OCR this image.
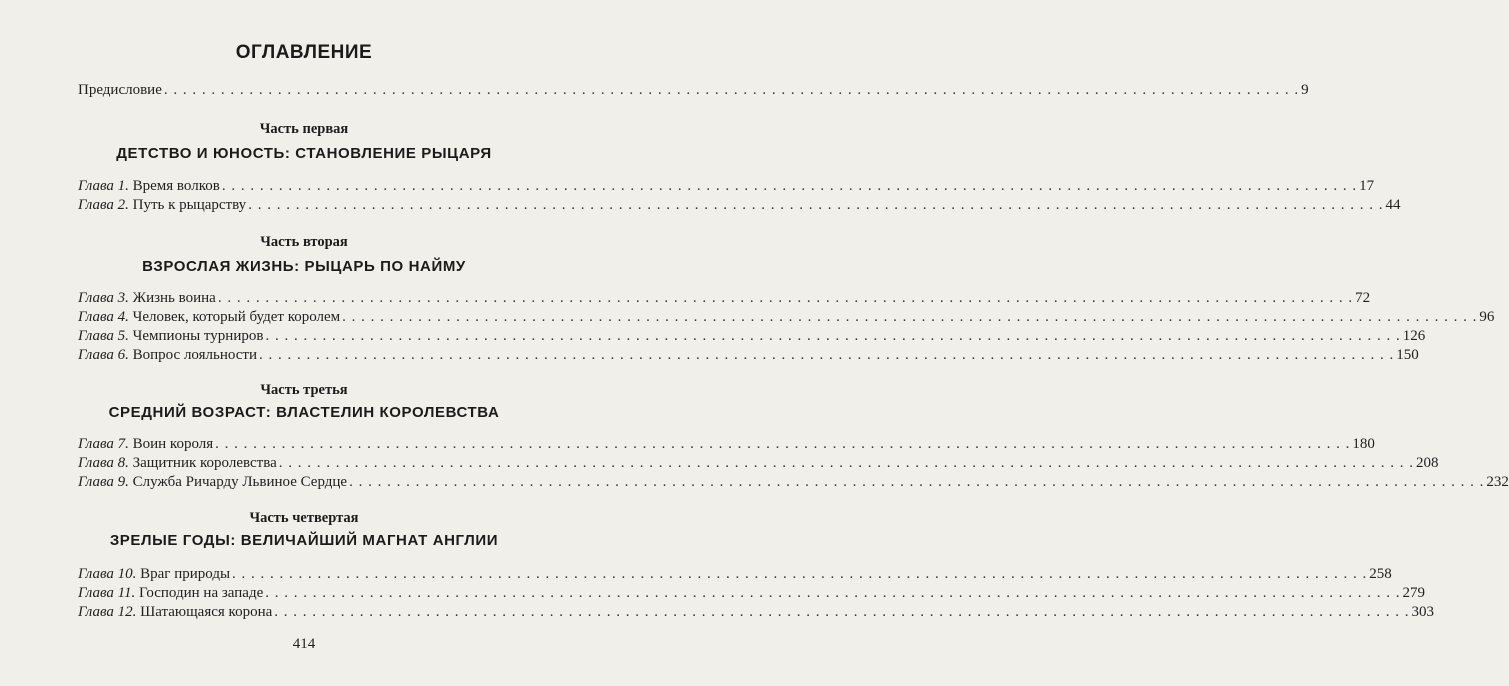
ОГЛАВЛЕНИЕ
Предисловие . . . . . . . . . . . . . . . . . . . . . . . . . . . . . . . . . . . . . . . . . . . . . . . . . . . . . . . . . . . . . . . . . . . . . . . . . . . . . . . . . . . . . . . . . . . . . . . . . . . . . . . . . . . . . . . . . . . . . . . . 9
Часть первая
ДЕТСТВО И ЮНОСТЬ: СТАНОВЛЕНИЕ РЫЦАРЯ
Глава 1. Время волков . . . . . . . . . . . . . . . . . . . . . . . . . . . . . . . . . . . . . . . . . . . . . . . . . . . . . . . . . . . . . . . . . . . . . . . . . . . . . . . . . . . . . . . . . . . . . . . . . . . . . . . . . . . . . . . . . . . . . . . . 17
Глава 2. Путь к рыцарству . . . . . . . . . . . . . . . . . . . . . . . . . . . . . . . . . . . . . . . . . . . . . . . . . . . . . . . . . . . . . . . . . . . . . . . . . . . . . . . . . . . . . . . . . . . . . . . . . . . . . . . . . . . . . . . . . . . . . . . . 44
Часть вторая
ВЗРОСЛАЯ ЖИЗНЬ: РЫЦАРЬ ПО НАЙМУ
Глава 3. Жизнь воина . . . . . . . . . . . . . . . . . . . . . . . . . . . . . . . . . . . . . . . . . . . . . . . . . . . . . . . . . . . . . . . . . . . . . . . . . . . . . . . . . . . . . . . . . . . . . . . . . . . . . . . . . . . . . . . . . . . . . . . . 72
Глава 4. Человек, который будет королем . . . . . . . . . . . . . . . . . . . . . . . . . . . . . . . . . . . . . . . . . . . . . . . . . . . . . . . . . . . . . . . . . . . . . . . . . . . . . . . . . . . . . . . . . . . . . . . . . . . . . . . . . . . . . . . . . . . . . . . . 96
Глава 5. Чемпионы турниров . . . . . . . . . . . . . . . . . . . . . . . . . . . . . . . . . . . . . . . . . . . . . . . . . . . . . . . . . . . . . . . . . . . . . . . . . . . . . . . . . . . . . . . . . . . . . . . . . . . . . . . . . . . . . . . . . . . . . . . . 126
Глава 6. Вопрос лояльности . . . . . . . . . . . . . . . . . . . . . . . . . . . . . . . . . . . . . . . . . . . . . . . . . . . . . . . . . . . . . . . . . . . . . . . . . . . . . . . . . . . . . . . . . . . . . . . . . . . . . . . . . . . . . . . . . . . . . . . . 150
Часть третья
СРЕДНИЙ ВОЗРАСТ: ВЛАСТЕЛИН КОРОЛЕВСТВА
Глава 7. Воин короля . . . . . . . . . . . . . . . . . . . . . . . . . . . . . . . . . . . . . . . . . . . . . . . . . . . . . . . . . . . . . . . . . . . . . . . . . . . . . . . . . . . . . . . . . . . . . . . . . . . . . . . . . . . . . . . . . . . . . . . . 180
Глава 8. Защитник королевства . . . . . . . . . . . . . . . . . . . . . . . . . . . . . . . . . . . . . . . . . . . . . . . . . . . . . . . . . . . . . . . . . . . . . . . . . . . . . . . . . . . . . . . . . . . . . . . . . . . . . . . . . . . . . . . . . . . . . . . . 208
Глава 9. Служба Ричарду Львиное Сердце . . . . . . . . . . . . . . . . . . . . . . . . . . . . . . . . . . . . . . . . . . . . . . . . . . . . . . . . . . . . . . . . . . . . . . . . . . . . . . . . . . . . . . . . . . . . . . . . . . . . . . . . . . . . . . . . . . . . . . . . 232
Часть четвертая
ЗРЕЛЫЕ ГОДЫ: ВЕЛИЧАЙШИЙ МАГНАТ АНГЛИИ
Глава 10. Враг природы . . . . . . . . . . . . . . . . . . . . . . . . . . . . . . . . . . . . . . . . . . . . . . . . . . . . . . . . . . . . . . . . . . . . . . . . . . . . . . . . . . . . . . . . . . . . . . . . . . . . . . . . . . . . . . . . . . . . . . . . 258
Глава 11. Господин на западе . . . . . . . . . . . . . . . . . . . . . . . . . . . . . . . . . . . . . . . . . . . . . . . . . . . . . . . . . . . . . . . . . . . . . . . . . . . . . . . . . . . . . . . . . . . . . . . . . . . . . . . . . . . . . . . . . . . . . . . . 279
Глава 12. Шатающаяся корона . . . . . . . . . . . . . . . . . . . . . . . . . . . . . . . . . . . . . . . . . . . . . . . . . . . . . . . . . . . . . . . . . . . . . . . . . . . . . . . . . . . . . . . . . . . . . . . . . . . . . . . . . . . . . . . . . . . . . . . . 303
414
